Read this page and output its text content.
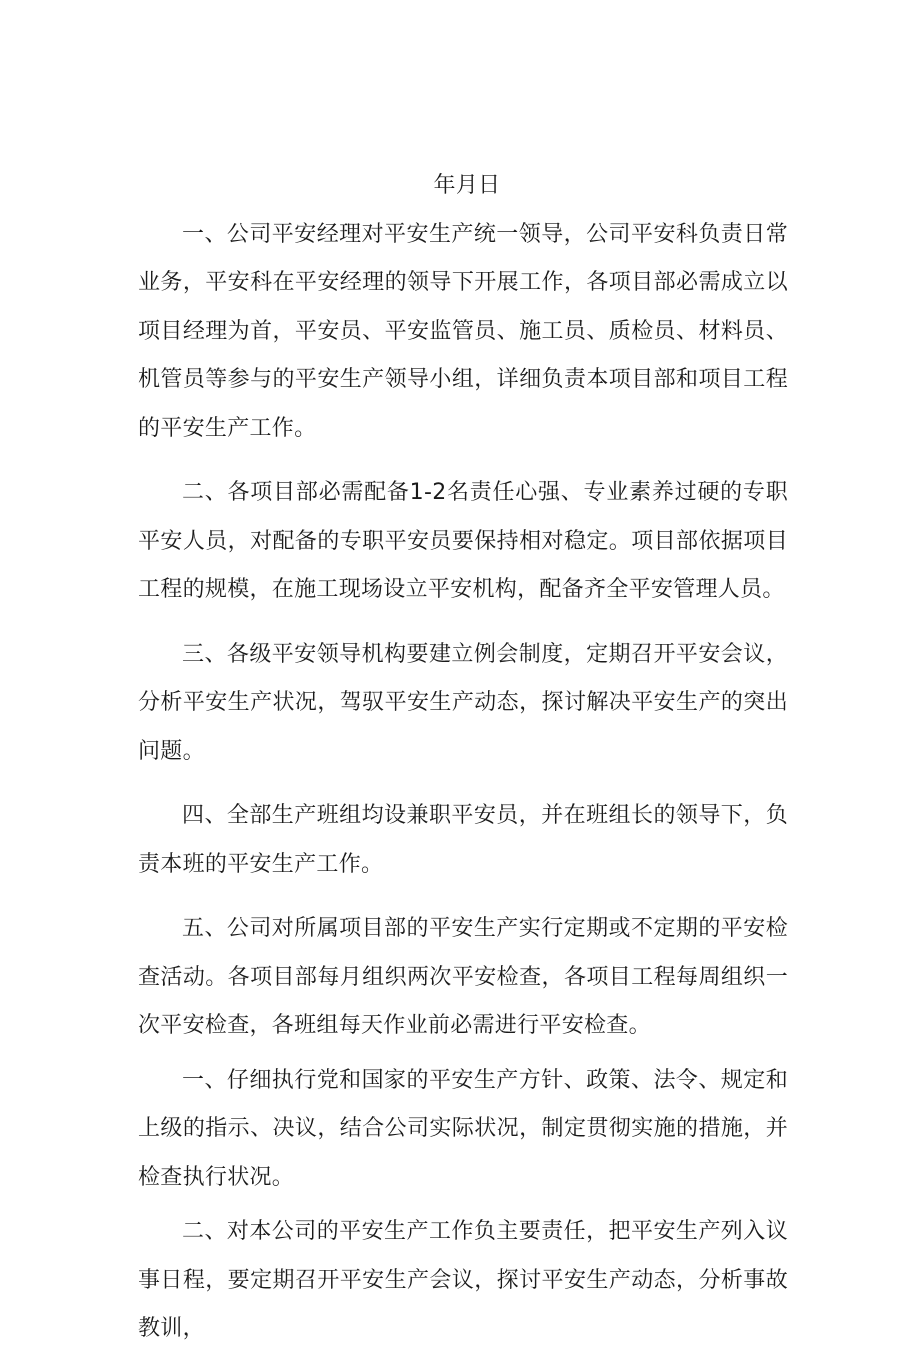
年月日

一、公司平安经理对平安生产统一领导，公司平安科负责日常业务，平安科在平安经理的领导下开展工作，各项目部必需成立以项目经理为首，平安员、平安监管员、施工员、质检员、材料员、机管员等参与的平安生产领导小组，详细负责本项目部和项目工程的平安生产工作。

二、各项目部必需配备1-2名责任心强、专业素养过硬的专职平安人员，对配备的专职平安员要保持相对稳定。项目部依据项目工程的规模，在施工现场设立平安机构，配备齐全平安管理人员。

三、各级平安领导机构要建立例会制度，定期召开平安会议，分析平安生产状况，驾驭平安生产动态，探讨解决平安生产的突出问题。

四、全部生产班组均设兼职平安员，并在班组长的领导下，负责本班的平安生产工作。

五、公司对所属项目部的平安生产实行定期或不定期的平安检查活动。各项目部每月组织两次平安检查，各项目工程每周组织一次平安检查，各班组每天作业前必需进行平安检查。

一、仔细执行党和国家的平安生产方针、政策、法令、规定和上级的指示、决议，结合公司实际状况，制定贯彻实施的措施，并检查执行状况。

二、对本公司的平安生产工作负主要责任，把平安生产列入议事日程，要定期召开平安生产会议，探讨平安生产动态，分析事故教训，
